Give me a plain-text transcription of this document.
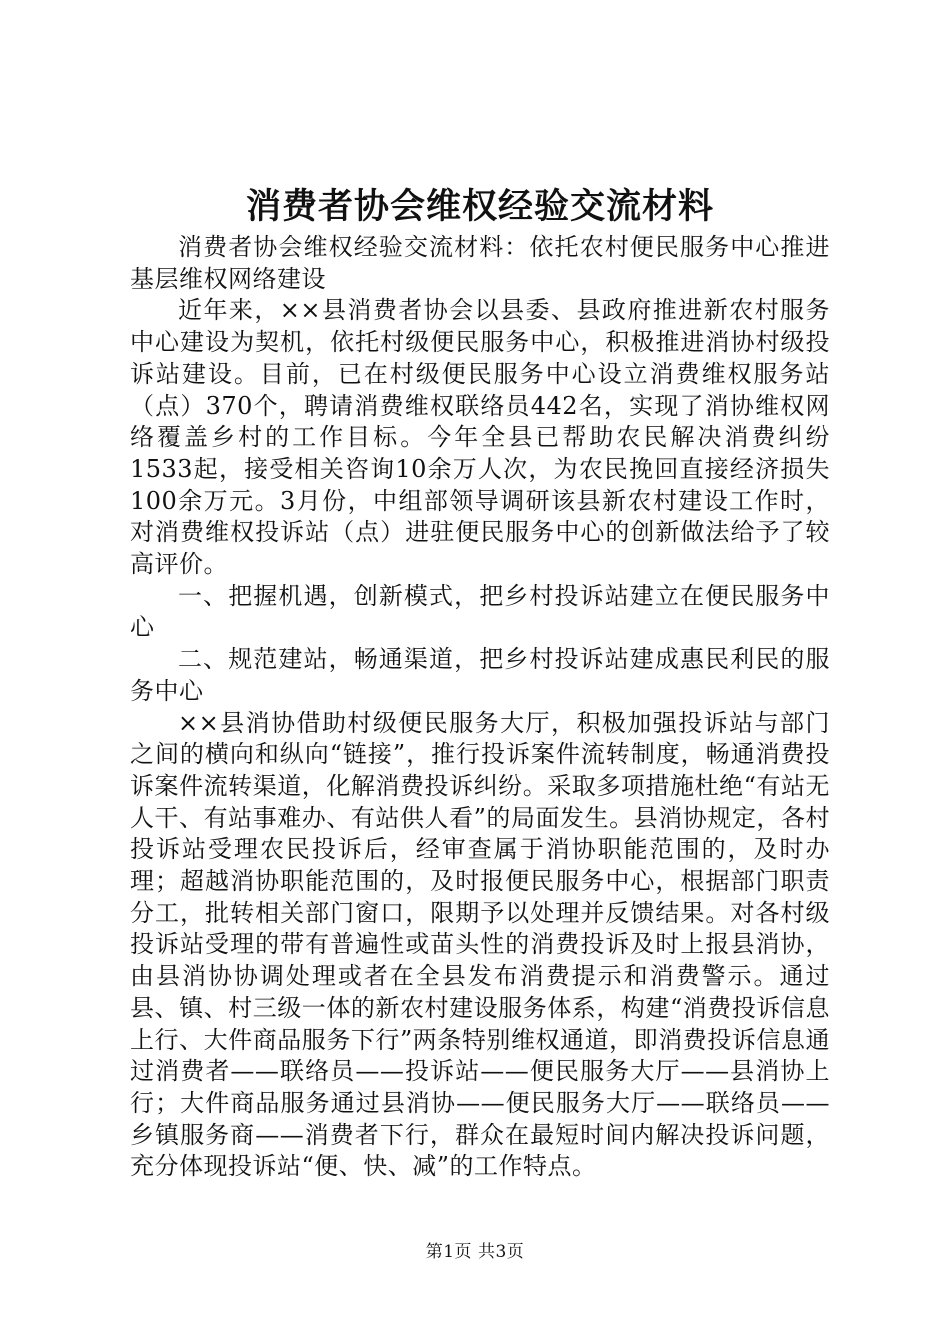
消费者协会维权经验交流材料

消费者协会维权经验交流材料：依托农村便民服务中心推进基层维权网络建设

近年来，××县消费者协会以县委、县政府推进新农村服务中心建设为契机，依托村级便民服务中心，积极推进消协村级投诉站建设。目前，已在村级便民服务中心设立消费维权服务站（点）370个，聘请消费维权联络员442名，实现了消协维权网络覆盖乡村的工作目标。今年全县已帮助农民解决消费纠纷1533起，接受相关咨询10余万人次，为农民挽回直接经济损失100余万元。3月份，中组部领导调研该县新农村建设工作时，对消费维权投诉站（点）进驻便民服务中心的创新做法给予了较高评价。

一、把握机遇，创新模式，把乡村投诉站建立在便民服务中心

二、规范建站，畅通渠道，把乡村投诉站建成惠民利民的服务中心

××县消协借助村级便民服务大厅，积极加强投诉站与部门之间的横向和纵向“链接”，推行投诉案件流转制度，畅通消费投诉案件流转渠道，化解消费投诉纠纷。采取多项措施杜绝“有站无人干、有站事难办、有站供人看”的局面发生。县消协规定，各村投诉站受理农民投诉后，经审查属于消协职能范围的，及时办理；超越消协职能范围的，及时报便民服务中心，根据部门职责分工，批转相关部门窗口，限期予以处理并反馈结果。对各村级投诉站受理的带有普遍性或苗头性的消费投诉及时上报县消协，由县消协协调处理或者在全县发布消费提示和消费警示。通过县、镇、村三级一体的新农村建设服务体系，构建“消费投诉信息上行、大件商品服务下行”两条特别维权通道，即消费投诉信息通过消费者——联络员——投诉站——便民服务大厅——县消协上行；大件商品服务通过县消协——便民服务大厅——联络员——乡镇服务商——消费者下行，群众在最短时间内解决投诉问题，充分体现投诉站“便、快、减”的工作特点。

第1页 共3页
